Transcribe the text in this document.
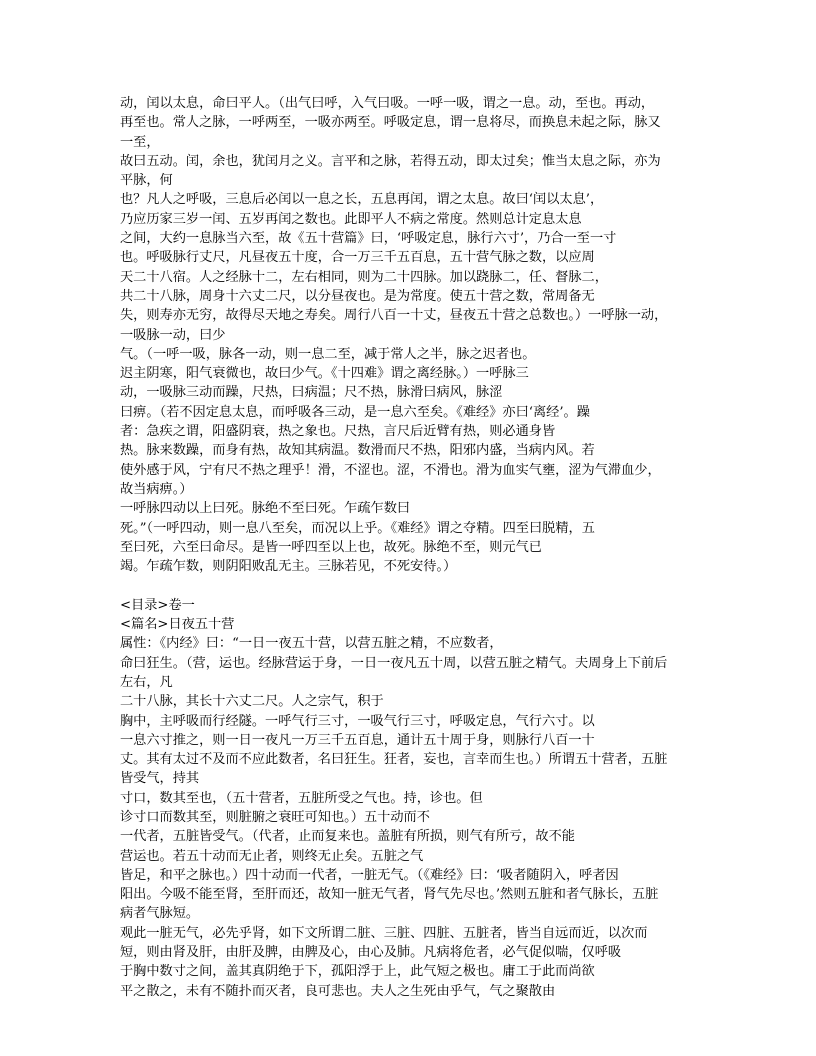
动，闰以太息，命曰平人。（出气曰呼，入气曰吸。一呼一吸，谓之一息。动，至也。再动，
再至也。常人之脉，一呼两至，一吸亦两至。呼吸定息，谓一息将尽，而换息未起之际，脉又
一至，
故曰五动。闰，余也，犹闰月之义。言平和之脉，若得五动，即太过矣；惟当太息之际，亦为
平脉，何
也？凡人之呼吸，三息后必闰以一息之长，五息再闰，谓之太息。故曰‘闰以太息’，
乃应历家三岁一闰、五岁再闰之数也。此即平人不病之常度。然则总计定息太息
之间，大约一息脉当六至，故《五十营篇》曰，‘呼吸定息，脉行六寸’，乃合一至一寸
也。呼吸脉行丈尺，凡昼夜五十度，合一万三千五百息，五十营气脉之数，以应周
天二十八宿。人之经脉十二，左右相同，则为二十四脉。加以跷脉二，任、督脉二，
共二十八脉，周身十六丈二尺，以分昼夜也。是为常度。使五十营之数，常周备无
失，则寿亦无穷，故得尽天地之寿矣。周行八百一十丈，昼夜五十营之总数也。）一呼脉一动，
一吸脉一动，曰少
气。（一呼一吸，脉各一动，则一息二至，减于常人之半，脉之迟者也。
迟主阴寒，阳气衰微也，故曰少气。《十四难》谓之离经脉。）一呼脉三
动，一吸脉三动而躁，尺热，曰病温；尺不热，脉滑曰病风，脉涩
曰痹。（若不因定息太息，而呼吸各三动，是一息六至矣。《难经》亦曰‘离经’。躁
者：急疾之谓，阳盛阴衰，热之象也。尺热，言尺后近臂有热，则必通身皆
热。脉来数躁，而身有热，故知其病温。数滑而尺不热，阳邪内盛，当病内风。若
使外感于风，宁有尺不热之理乎！滑，不涩也。涩，不滑也。滑为血实气壅，涩为气滞血少，
故当病痹。）
一呼脉四动以上曰死。脉绝不至曰死。乍疏乍数曰
死。”（一呼四动，则一息八至矣，而况以上乎。《难经》谓之夺精。四至曰脱精，五
至曰死，六至曰命尽。是皆一呼四至以上也，故死。脉绝不至，则元气已
竭。乍疏乍数，则阴阳败乱无主。三脉若见，不死安待。）
<目录>卷一
<篇名>日夜五十营
属性：《内经》曰：“一日一夜五十营，以营五脏之精，不应数者，
命曰狂生。（营，运也。经脉营运于身，一日一夜凡五十周，以营五脏之精气。夫周身上下前后
左右，凡
二十八脉，其长十六丈二尺。人之宗气，积于
胸中，主呼吸而行经隧。一呼气行三寸，一吸气行三寸，呼吸定息，气行六寸。以
一息六寸推之，则一日一夜凡一万三千五百息，通计五十周于身，则脉行八百一十
丈。其有太过不及而不应此数者，名曰狂生。狂者，妄也，言幸而生也。）所谓五十营者，五脏
皆受气，持其
寸口，数其至也，（五十营者，五脏所受之气也。持，诊也。但
诊寸口而数其至，则脏腑之衰旺可知也。）五十动而不
一代者，五脏皆受气。（代者，止而复来也。盖脏有所损，则气有所亏，故不能
营运也。若五十动而无止者，则终无止矣。五脏之气
皆足，和平之脉也。）四十动而一代者，一脏无气。（《难经》曰：‘吸者随阴入，呼者因
阳出。今吸不能至肾，至肝而还，故知一脏无气者，肾气先尽也。’然则五脏和者气脉长，五脏
病者气脉短。
观此一脏无气，必先乎肾，如下文所谓二脏、三脏、四脏、五脏者，皆当自远而近，以次而
短，则由肾及肝，由肝及脾，由脾及心，由心及肺。凡病将危者，必气促似喘，仅呼吸
于胸中数寸之间，盖其真阴绝于下，孤阳浮于上，此气短之极也。庸工于此而尚欲
平之散之，未有不随扑而灭者，良可悲也。夫人之生死由乎气，气之聚散由
